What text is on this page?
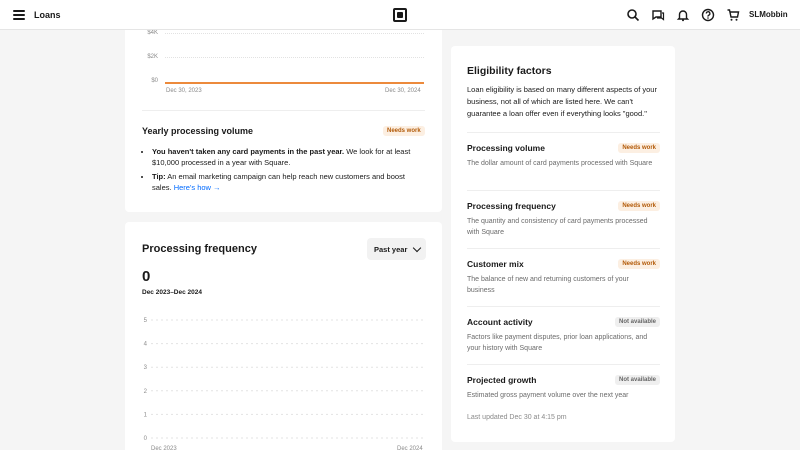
Loans	SLMobbin
$4K
$2K
$0
Dec 30, 2023	Dec 30, 2024
Yearly processing volume	Needs work
• You haven't taken any card payments in the past year. We look for at least $10,000 processed in a year with Square.
• Tip: An email marketing campaign can help reach new customers and boost sales. Here's how →
Processing frequency	Past year
0
Dec 2023–Dec 2024
5
4
3
2
1
0
Dec 2023	Dec 2024
Eligibility factors
Loan eligibility is based on many different aspects of your business, not all of which are listed here. We can't guarantee a loan offer even if everything looks "good."
Processing volume	Needs work
The dollar amount of card payments processed with Square
Processing frequency	Needs work
The quantity and consistency of card payments processed with Square
Customer mix	Needs work
The balance of new and returning customers of your business
Account activity	Not available
Factors like payment disputes, prior loan applications, and your history with Square
Projected growth	Not available
Estimated gross payment volume over the next year
Last updated Dec 30 at 4:15 pm
